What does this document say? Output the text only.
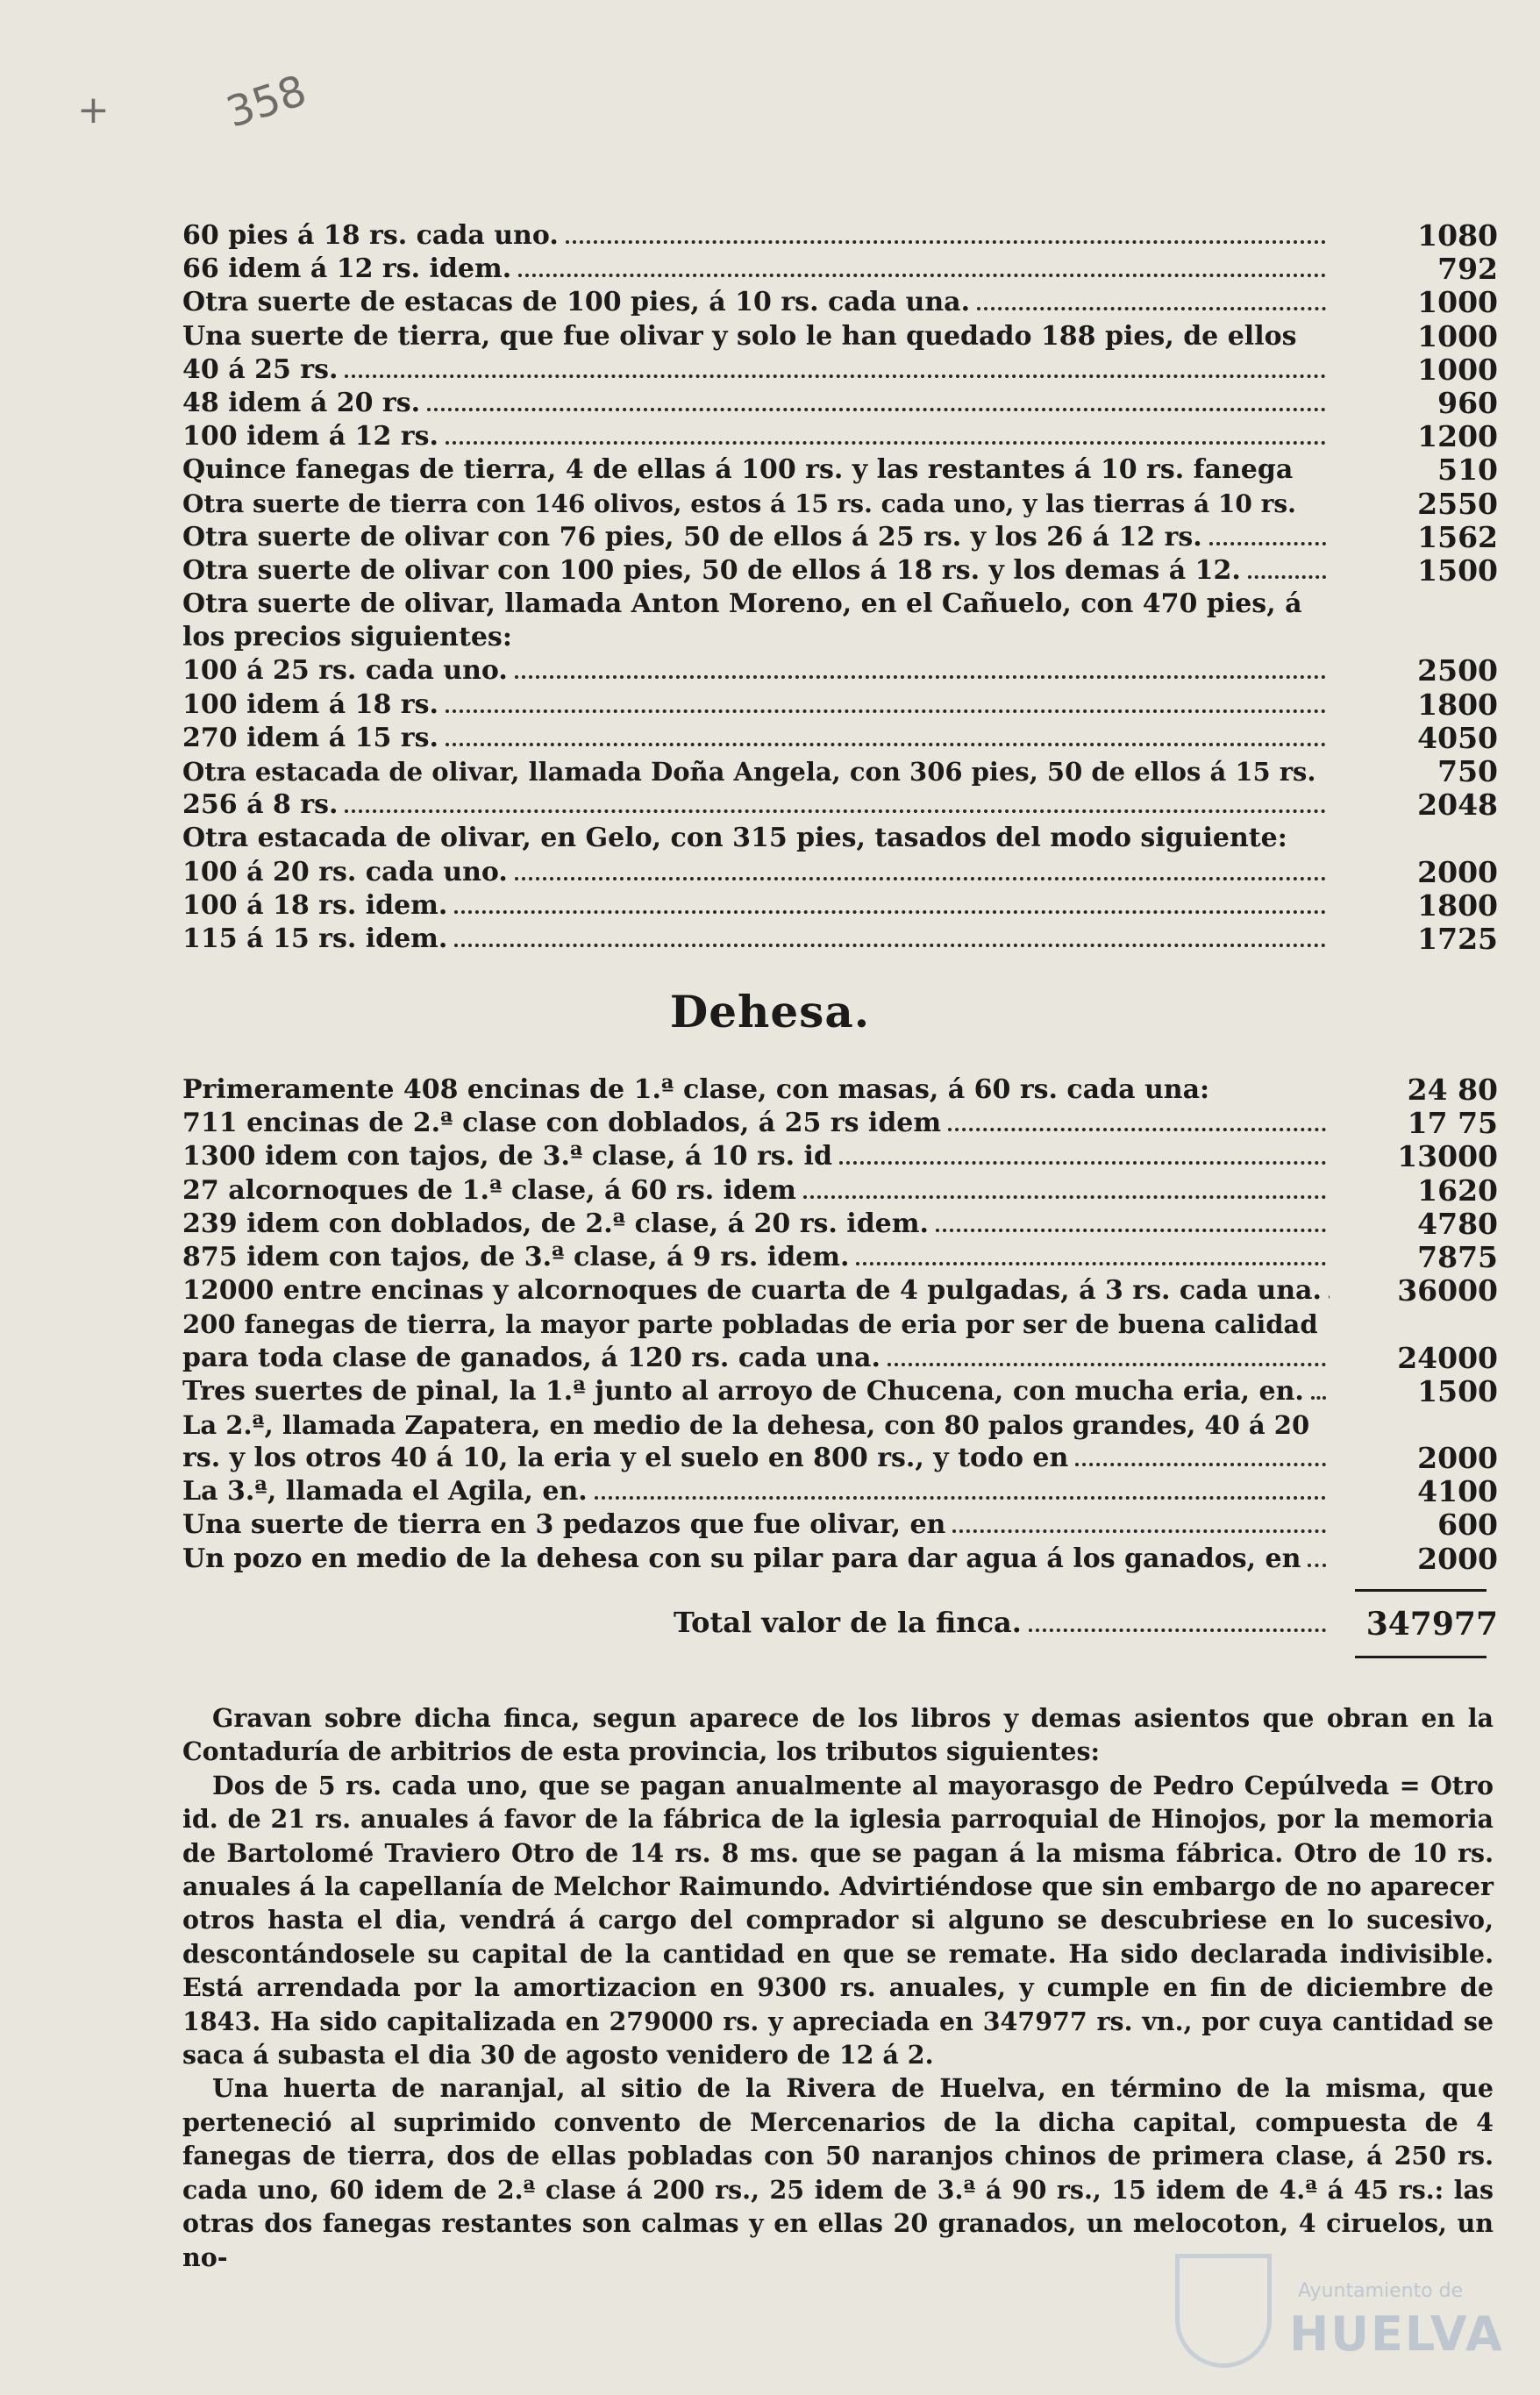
+	358
60 pies á 18 rs. cada uno.	1080
66 idem á 12 rs. idem.	792
Otra suerte de estacas de 100 pies, á 10 rs. cada una.	1000
Una suerte de tierra, que fue olivar y solo le han quedado 188 pies, de ellos	1000
40 á 25 rs.	1000
48 idem á 20 rs.	960
100 idem á 12 rs.	1200
Quince fanegas de tierra, 4 de ellas á 100 rs. y las restantes á 10 rs. fanega	510
Otra suerte de tierra con 146 olivos, estos á 15 rs. cada uno, y las tierras á 10 rs.	2550
Otra suerte de olivar con 76 pies, 50 de ellos á 25 rs. y los 26 á 12 rs.	1562
Otra suerte de olivar con 100 pies, 50 de ellos á 18 rs. y los demas á 12.	1500
Otra suerte de olivar, llamada Anton Moreno, en el Cañuelo, con 470 pies, á
los precios siguientes:
100 á 25 rs. cada uno.	2500
100 idem á 18 rs.	1800
270 idem á 15 rs.	4050
Otra estacada de olivar, llamada Doña Angela, con 306 pies, 50 de ellos á 15 rs.	750
256 á 8 rs.	2048
Otra estacada de olivar, en Gelo, con 315 pies, tasados del modo siguiente:
100 á 20 rs. cada uno.	2000
100 á 18 rs. idem.	1800
115 á 15 rs. idem.	1725
Dehesa.
Primeramente 408 encinas de 1.ª clase, con masas, á 60 rs. cada una:	24 80
711 encinas de 2.ª clase con doblados, á 25 rs idem	17 75
1300 idem con tajos, de 3.ª clase, á 10 rs. id	13000
27 alcornoques de 1.ª clase, á 60 rs. idem	1620
239 idem con doblados, de 2.ª clase, á 20 rs. idem.	4780
875 idem con tajos, de 3.ª clase, á 9 rs. idem.	7875
12000 entre encinas y alcornoques de cuarta de 4 pulgadas, á 3 rs. cada una.	36000
200 fanegas de tierra, la mayor parte pobladas de eria por ser de buena calidad
para toda clase de ganados, á 120 rs. cada una.	24000
Tres suertes de pinal, la 1.ª junto al arroyo de Chucena, con mucha eria, en.	1500
La 2.ª, llamada Zapatera, en medio de la dehesa, con 80 palos grandes, 40 á 20
rs. y los otros 40 á 10, la eria y el suelo en 800 rs., y todo en	2000
La 3.ª, llamada el Agila, en.	4100
Una suerte de tierra en 3 pedazos que fue olivar, en	600
Un pozo en medio de la dehesa con su pilar para dar agua á los ganados, en	2000
Total valor de la finca.	347977

Gravan sobre dicha finca, segun aparece de los libros y demas asientos que obran en la Contaduría de arbitrios de esta provincia, los tributos siguientes:

Dos de 5 rs. cada uno, que se pagan anualmente al mayorasgo de Pedro Cepúlveda = Otro id. de 21 rs. anuales á favor de la fábrica de la iglesia parroquial de Hinojos, por la memoria de Bartolomé Traviero Otro de 14 rs. 8 ms. que se pagan á la misma fábrica. Otro de 10 rs. anuales á la capellanía de Melchor Raimundo. Advirtiéndose que sin embargo de no aparecer otros hasta el dia, vendrá á cargo del comprador si alguno se descubriese en lo sucesivo, descontándosele su capital de la cantidad en que se remate. Ha sido declarada indivisible. Está arrendada por la amortizacion en 9300 rs. anuales, y cumple en fin de diciembre de 1843. Ha sido capitalizada en 279000 rs. y apreciada en 347977 rs. vn., por cuya cantidad se saca á subasta el dia 30 de agosto venidero de 12 á 2.

Una huerta de naranjal, al sitio de la Rivera de Huelva, en término de la misma, que perteneció al suprimido convento de Mercenarios de la dicha capital, compuesta de 4 fanegas de tierra, dos de ellas pobladas con 50 naranjos chinos de primera clase, á 250 rs. cada uno, 60 idem de 2.ª clase á 200 rs., 25 idem de 3.ª á 90 rs., 15 idem de 4.ª á 45 rs.: las otras dos fanegas restantes son calmas y en ellas 20 granados, un melocoton, 4 ciruelos, un no-

Ayuntamiento de
HUELVA
